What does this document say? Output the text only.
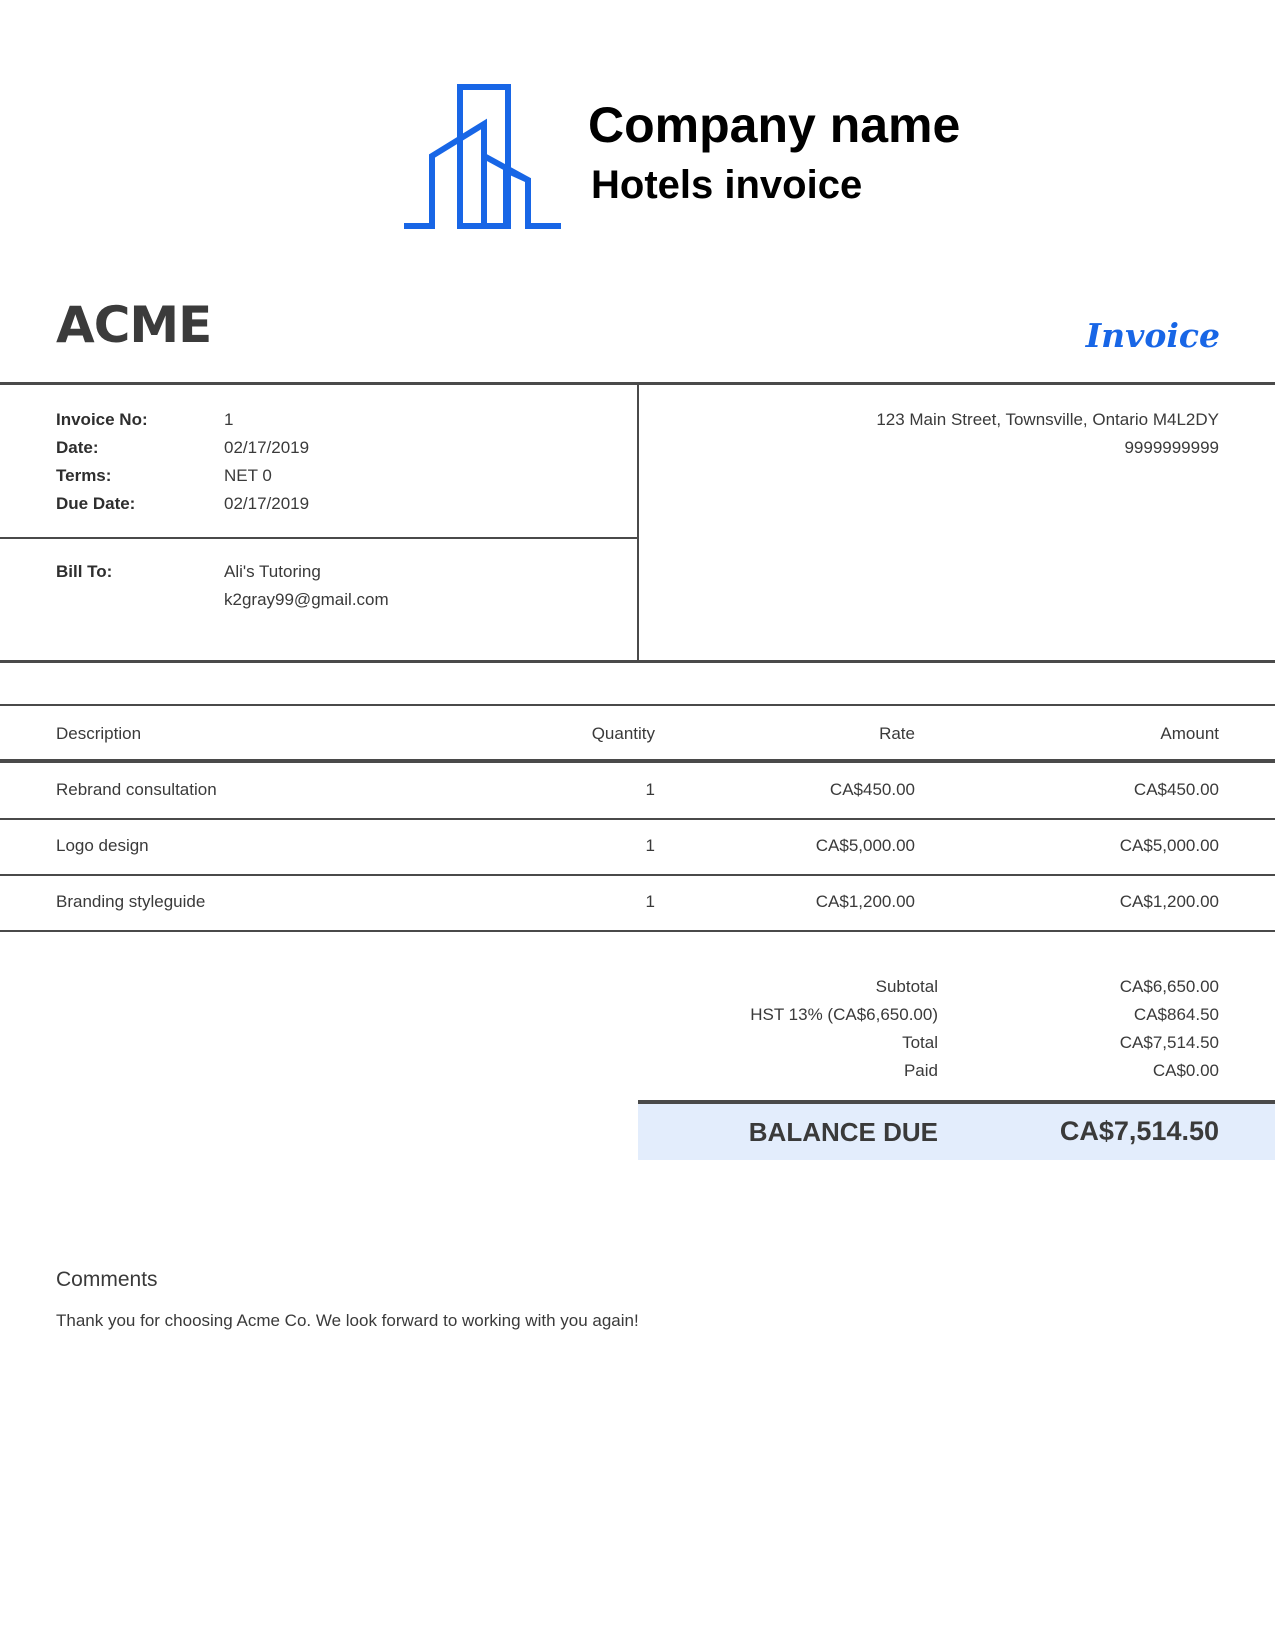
Company name
Hotels invoice
ACME	Invoice
Invoice No:	1
Date:	02/17/2019
Terms:	NET 0
Due Date:	02/17/2019
123 Main Street, Townsville, Ontario M4L2DY
9999999999
Bill To:	Ali's Tutoring
k2gray99@gmail.com
Description	Quantity	Rate	Amount
Rebrand consultation	1	CA$450.00	CA$450.00
Logo design	1	CA$5,000.00	CA$5,000.00
Branding styleguide	1	CA$1,200.00	CA$1,200.00
Subtotal	CA$6,650.00
HST 13% (CA$6,650.00)	CA$864.50
Total	CA$7,514.50
Paid	CA$0.00
BALANCE DUE	CA$7,514.50
Comments
Thank you for choosing Acme Co. We look forward to working with you again!
